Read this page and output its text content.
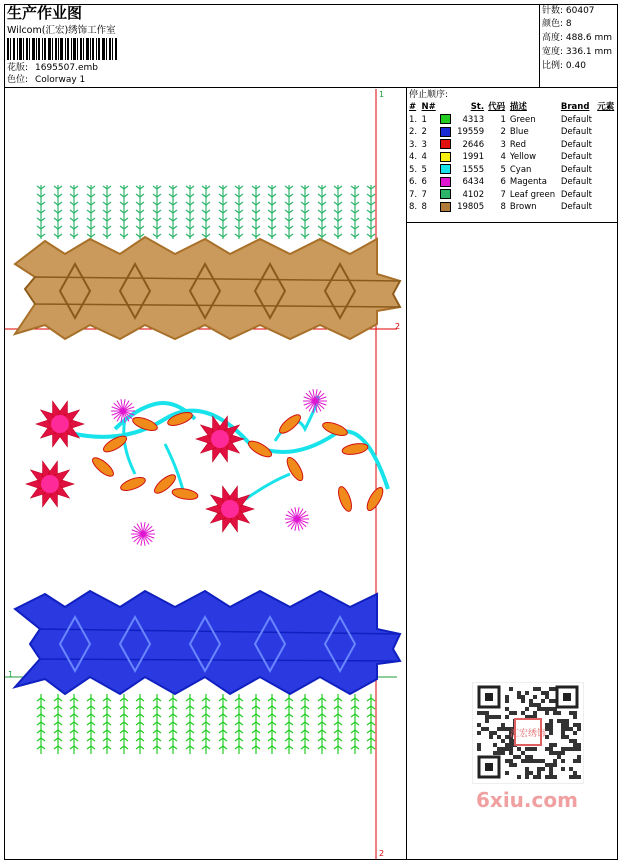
生产作业图
Wilcom(汇宏)绣饰工作室
花版: 1695507.emb
色位: Colorway 1
针数: 60407
颜色: 8
高度: 488.6 mm
宽度: 336.1 mm
比例: 0.40
停止顺序:
#	N#		St.	代码	描述	Brand	元素
1.	1		4313	1	Green	Default	
2.	2		19559	2	Blue	Default	
3.	3		2646	3	Red	Default	
4.	4		1991	4	Yellow	Default	
5.	5		1555	5	Cyan	Default	
6.	6		6434	6	Magenta	Default	
7.	7		4102	7	Leaf green	Default	
8.	8		19805	8	Brown	Default	
1
2
1
2
汇宏绣饰
6xiu.com
